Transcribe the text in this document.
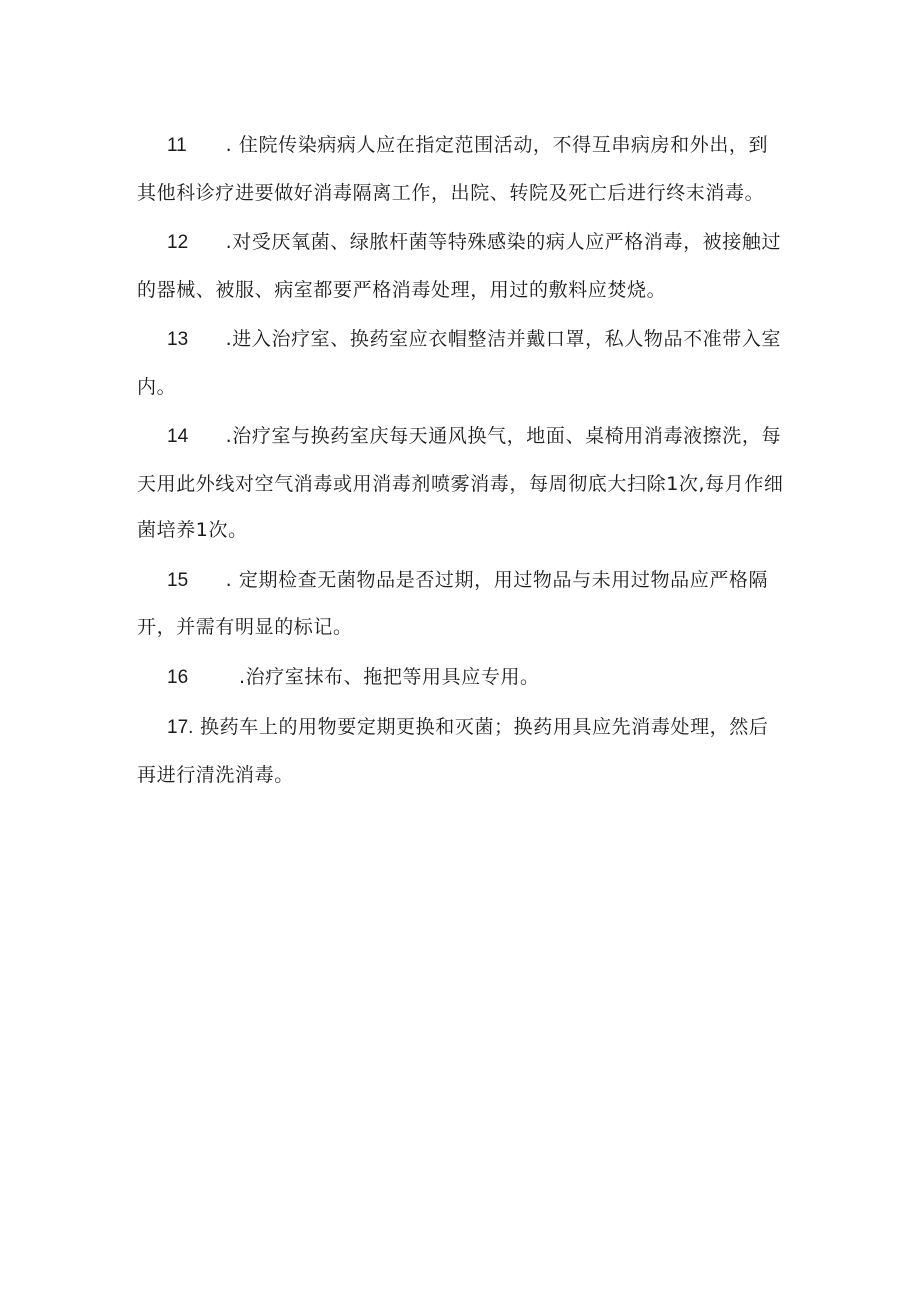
11 . 住院传染病病人应在指定范围活动，不得互串病房和外出，到其他科诊疗进要做好消毒隔离工作，出院、转院及死亡后进行终末消毒。

12 .对受厌氧菌、绿脓杆菌等特殊感染的病人应严格消毒，被接触过的器械、被服、病室都要严格消毒处理，用过的敷料应焚烧。

13 .进入治疗室、换药室应衣帽整洁并戴口罩，私人物品不准带入室内。

14 .治疗室与换药室庆每天通风换气，地面、桌椅用消毒液擦洗，每天用此外线对空气消毒或用消毒剂喷雾消毒，每周彻底大扫除1次,每月作细菌培养1次。

15 . 定期检查无菌物品是否过期，用过物品与未用过物品应严格隔开，并需有明显的标记。

16	.治疗室抹布、拖把等用具应专用。

17. 换药车上的用物要定期更换和灭菌；换药用具应先消毒处理，然后再进行清洗消毒。
